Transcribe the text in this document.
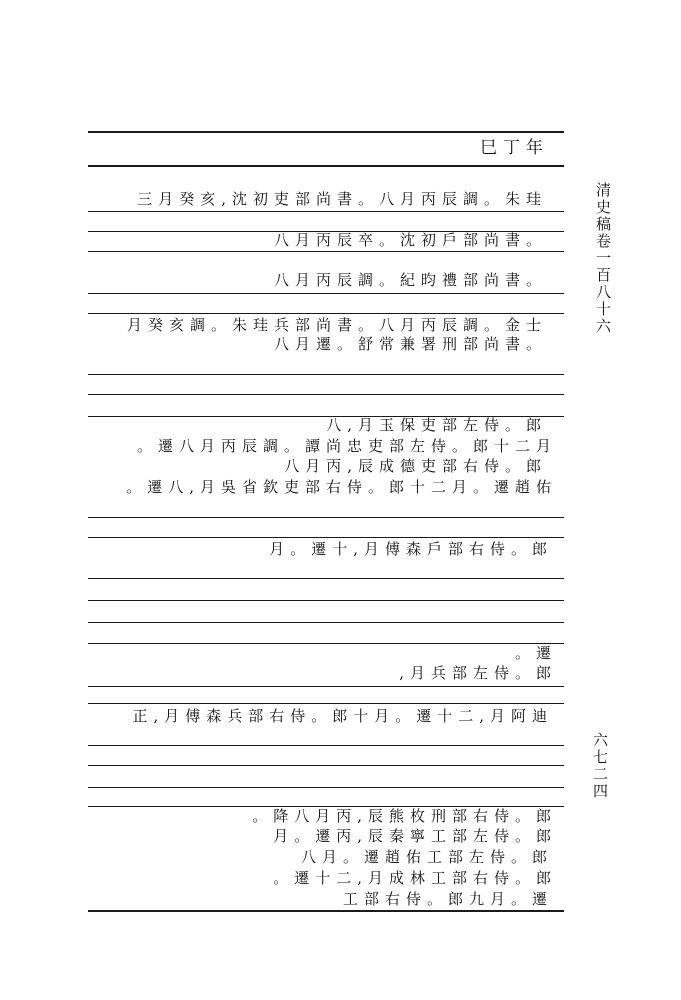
巳丁年
三月癸亥,沈初吏部尚書。八月丙辰調。朱珪
八月丙辰卒。沈初戶部尚書。
八月丙辰調。紀昀禮部尚書。
月癸亥調。朱珪兵部尚書。八月丙辰調。金士
八月遷。舒常兼署刑部尚書。
八,月玉保吏部左侍。郎
。遷八月丙辰調。譚尚忠吏部左侍。郎十二月
八月丙,辰成德吏部右侍。郎
。遷八,月吳省欽吏部右侍。郎十二月。遷趙佑
月。遷十,月傅森戶部右侍。郎
。遷
,月兵部左侍。郎
正,月傅森兵部右侍。郎十月。遷十二,月阿迪
。降八月丙,辰熊枚刑部右侍。郎
月。遷丙,辰秦寧工部左侍。郎
八月。遷趙佑工部左侍。郎
。遷十二,月成林工部右侍。郎
工部右侍。郎九月。遷
清史稿卷一百八十六
六七二四
